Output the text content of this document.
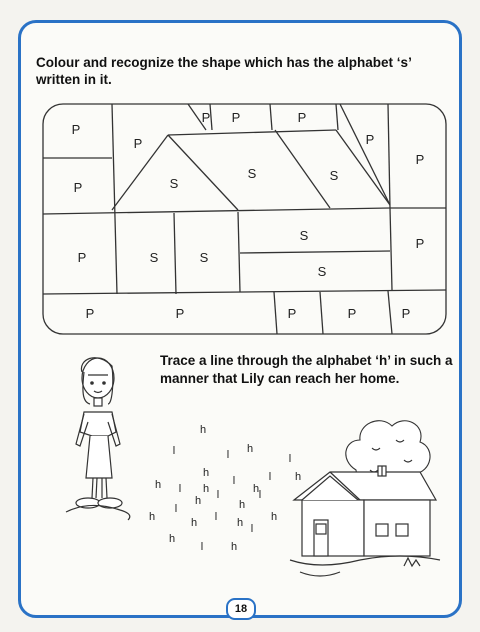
Colour and recognize the shape which has the alphabet ‘s’ written in it.
P
P
P
P
P
P P	P
P
P
S
S	S
P
S	S
S
S
P	P	P	P
Trace a line through the alphabet ‘h’ in such a manner that Lily can reach her home.
h
l	l h
h
l
h l h
l
h
l h
h
l
h l
h
l
h l h	h
l
h
l	h
18
